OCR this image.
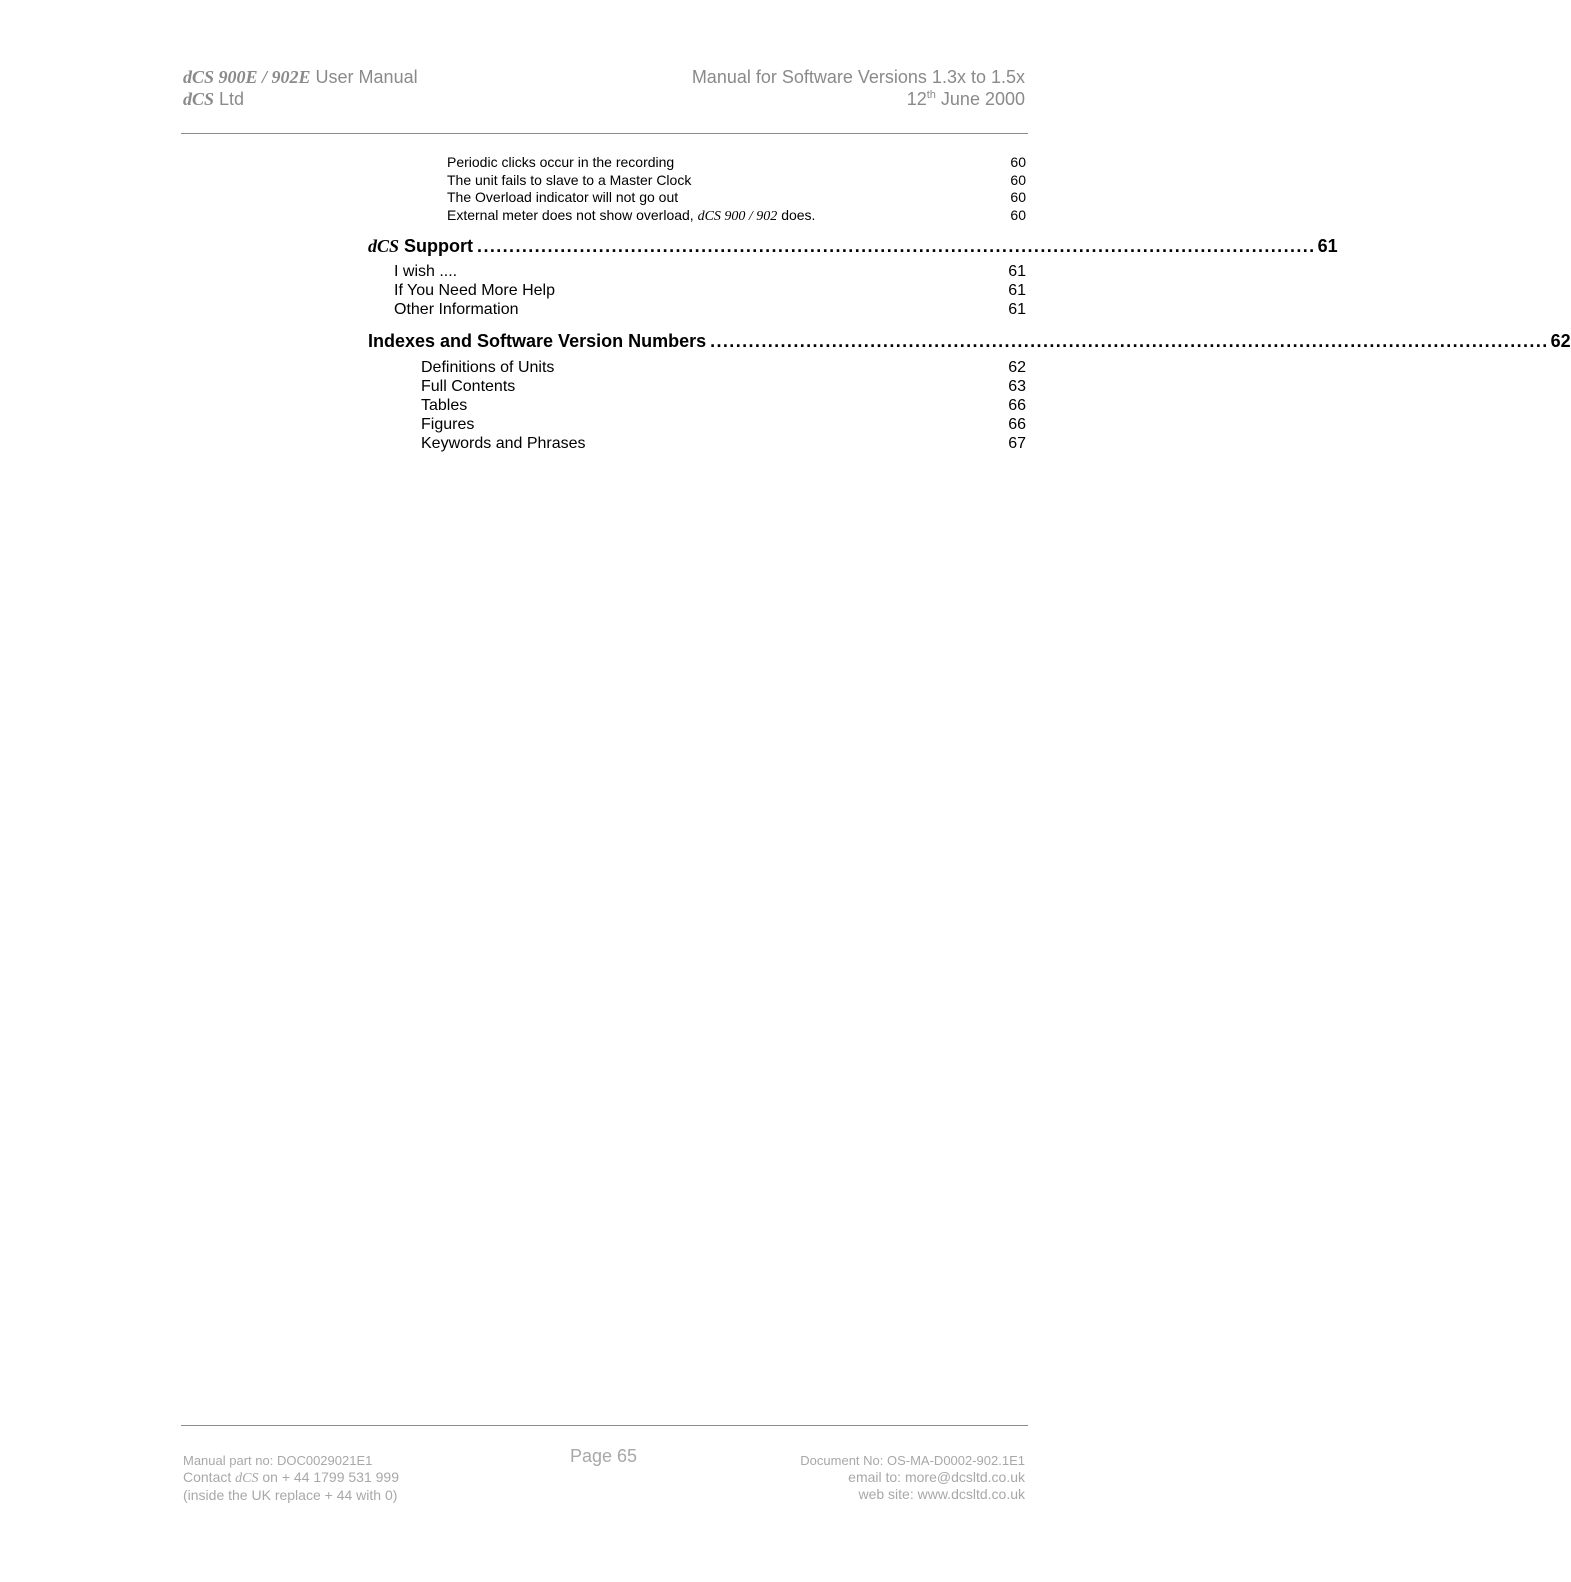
dCS 900E / 902E User Manual
dCS Ltd
Manual for Software Versions 1.3x to 1.5x
12th June 2000
Periodic clicks occur in the recording	60
The unit fails to slave to a Master Clock	60
The Overload indicator will not go out	60
External meter does not show overload, dCS 900 / 902 does.	60
dCS Support ................................................................................................................................... 61
I wish ....	61
If You Need More Help	61
Other Information	61
Indexes and Software Version Numbers ................................................................................................................................... 62
Definitions of Units	62
Full Contents	63
Tables	66
Figures	66
Keywords and Phrases	67
Manual part no: DOC0029021E1
Contact dCS on + 44 1799 531 999
(inside the UK replace + 44 with 0)
Page 65	Document No: OS-MA-D0002-902.1E1
email to: more@dcsltd.co.uk
web site: www.dcsltd.co.uk
